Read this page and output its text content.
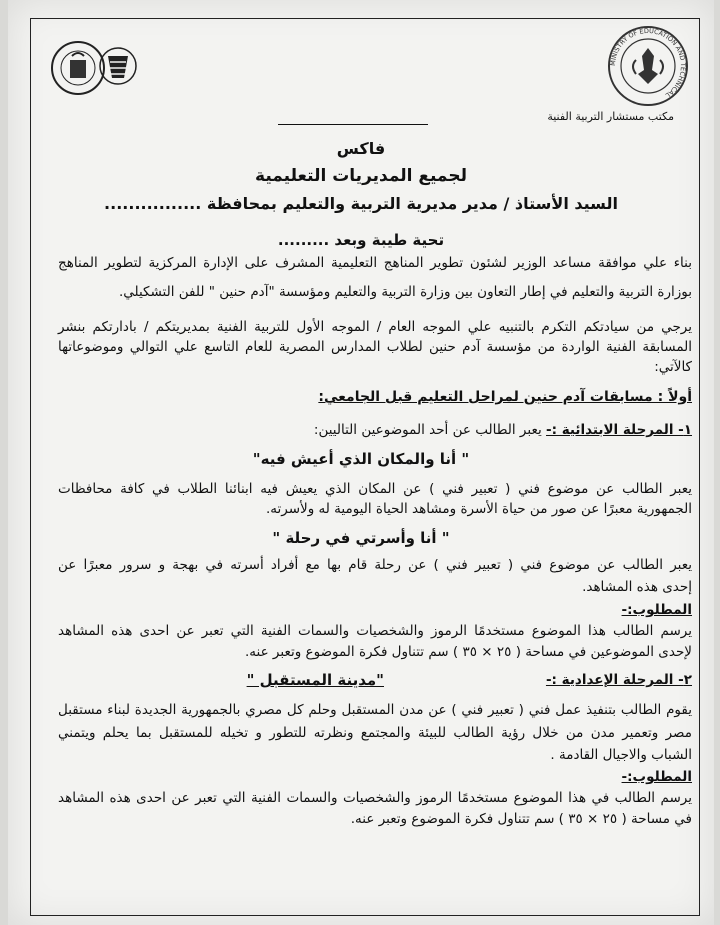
MINISTRY OF EDUCATION AND TECHNICAL
مكتب مستشار التربية الفنية
فاكس
لجميع المديريات التعليمية
السيد الأستاذ / مدير مديرية التربية والتعليم بمحافظة ................
تحية طيبة وبعد .........
بناء علي موافقة مساعد الوزير لشئون تطوير المناهج التعليمية المشرف على الإدارة المركزية لتطوير المناهج
بوزارة التربية والتعليم في إطار التعاون بين وزارة التربية والتعليم ومؤسسة "آدم حنين " للفن التشكيلي.
يرجي من سيادتكم التكرم بالتنبيه علي الموجه العام / الموجه الأول للتربية الفنية بمديريتكم / بادارتكم بنشر
المسابقة الفنية الواردة من مؤسسة آدم حنين لطلاب المدارس المصرية للعام التاسع علي التوالي وموضوعاتها
كالآتي:
أولاً : مسابقات آدم حنين لمراحل التعليم قبل الجامعي:
١- المرحلة الابتدائية :- يعبر الطالب عن أحد الموضوعين التاليين:
" أنا والمكان الذي أعيش فيه"
يعبر الطالب عن موضوع فني ( تعبير فني ) عن المكان الذي يعيش فيه ابنائنا الطلاب في كافة محافظات
الجمهورية معبرًا عن صور من حياة الأسرة ومشاهد الحياة اليومية له ولأسرته.
" أنا وأسرتي في رحلة "
يعبر الطالب عن موضوع فني ( تعبير فني ) عن رحلة قام بها مع أفراد أسرته في بهجة و سرور معبرًا عن
إحدى هذه المشاهد.
المطلوب:-
يرسم الطالب هذا الموضوع مستخدمًا الرموز والشخصيات والسمات الفنية التي تعبر عن احدى هذه المشاهد
لإحدى الموضوعين في مساحة ( ٢٥ × ٣٥ ) سم تتناول فكرة الموضوع وتعبر عنه.
٢- المرحلة الإعدادية :-
"مدينة المستقبل "
يقوم الطالب بتنفيذ عمل فني ( تعبير فني ) عن مدن المستقبل وحلم كل مصري بالجمهورية الجديدة لبناء مستقبل
مصر وتعمير مدن من خلال رؤية الطالب للبيئة والمجتمع ونظرته للتطور و تخيله للمستقبل بما يحلم ويتمني
الشباب والاجيال القادمة .
المطلوب:-
يرسم الطالب في هذا الموضوع مستخدمًا الرموز والشخصيات والسمات الفنية التي تعبر عن احدى هذه المشاهد
في مساحة ( ٢٥ × ٣٥ ) سم تتناول فكرة الموضوع وتعبر عنه.
